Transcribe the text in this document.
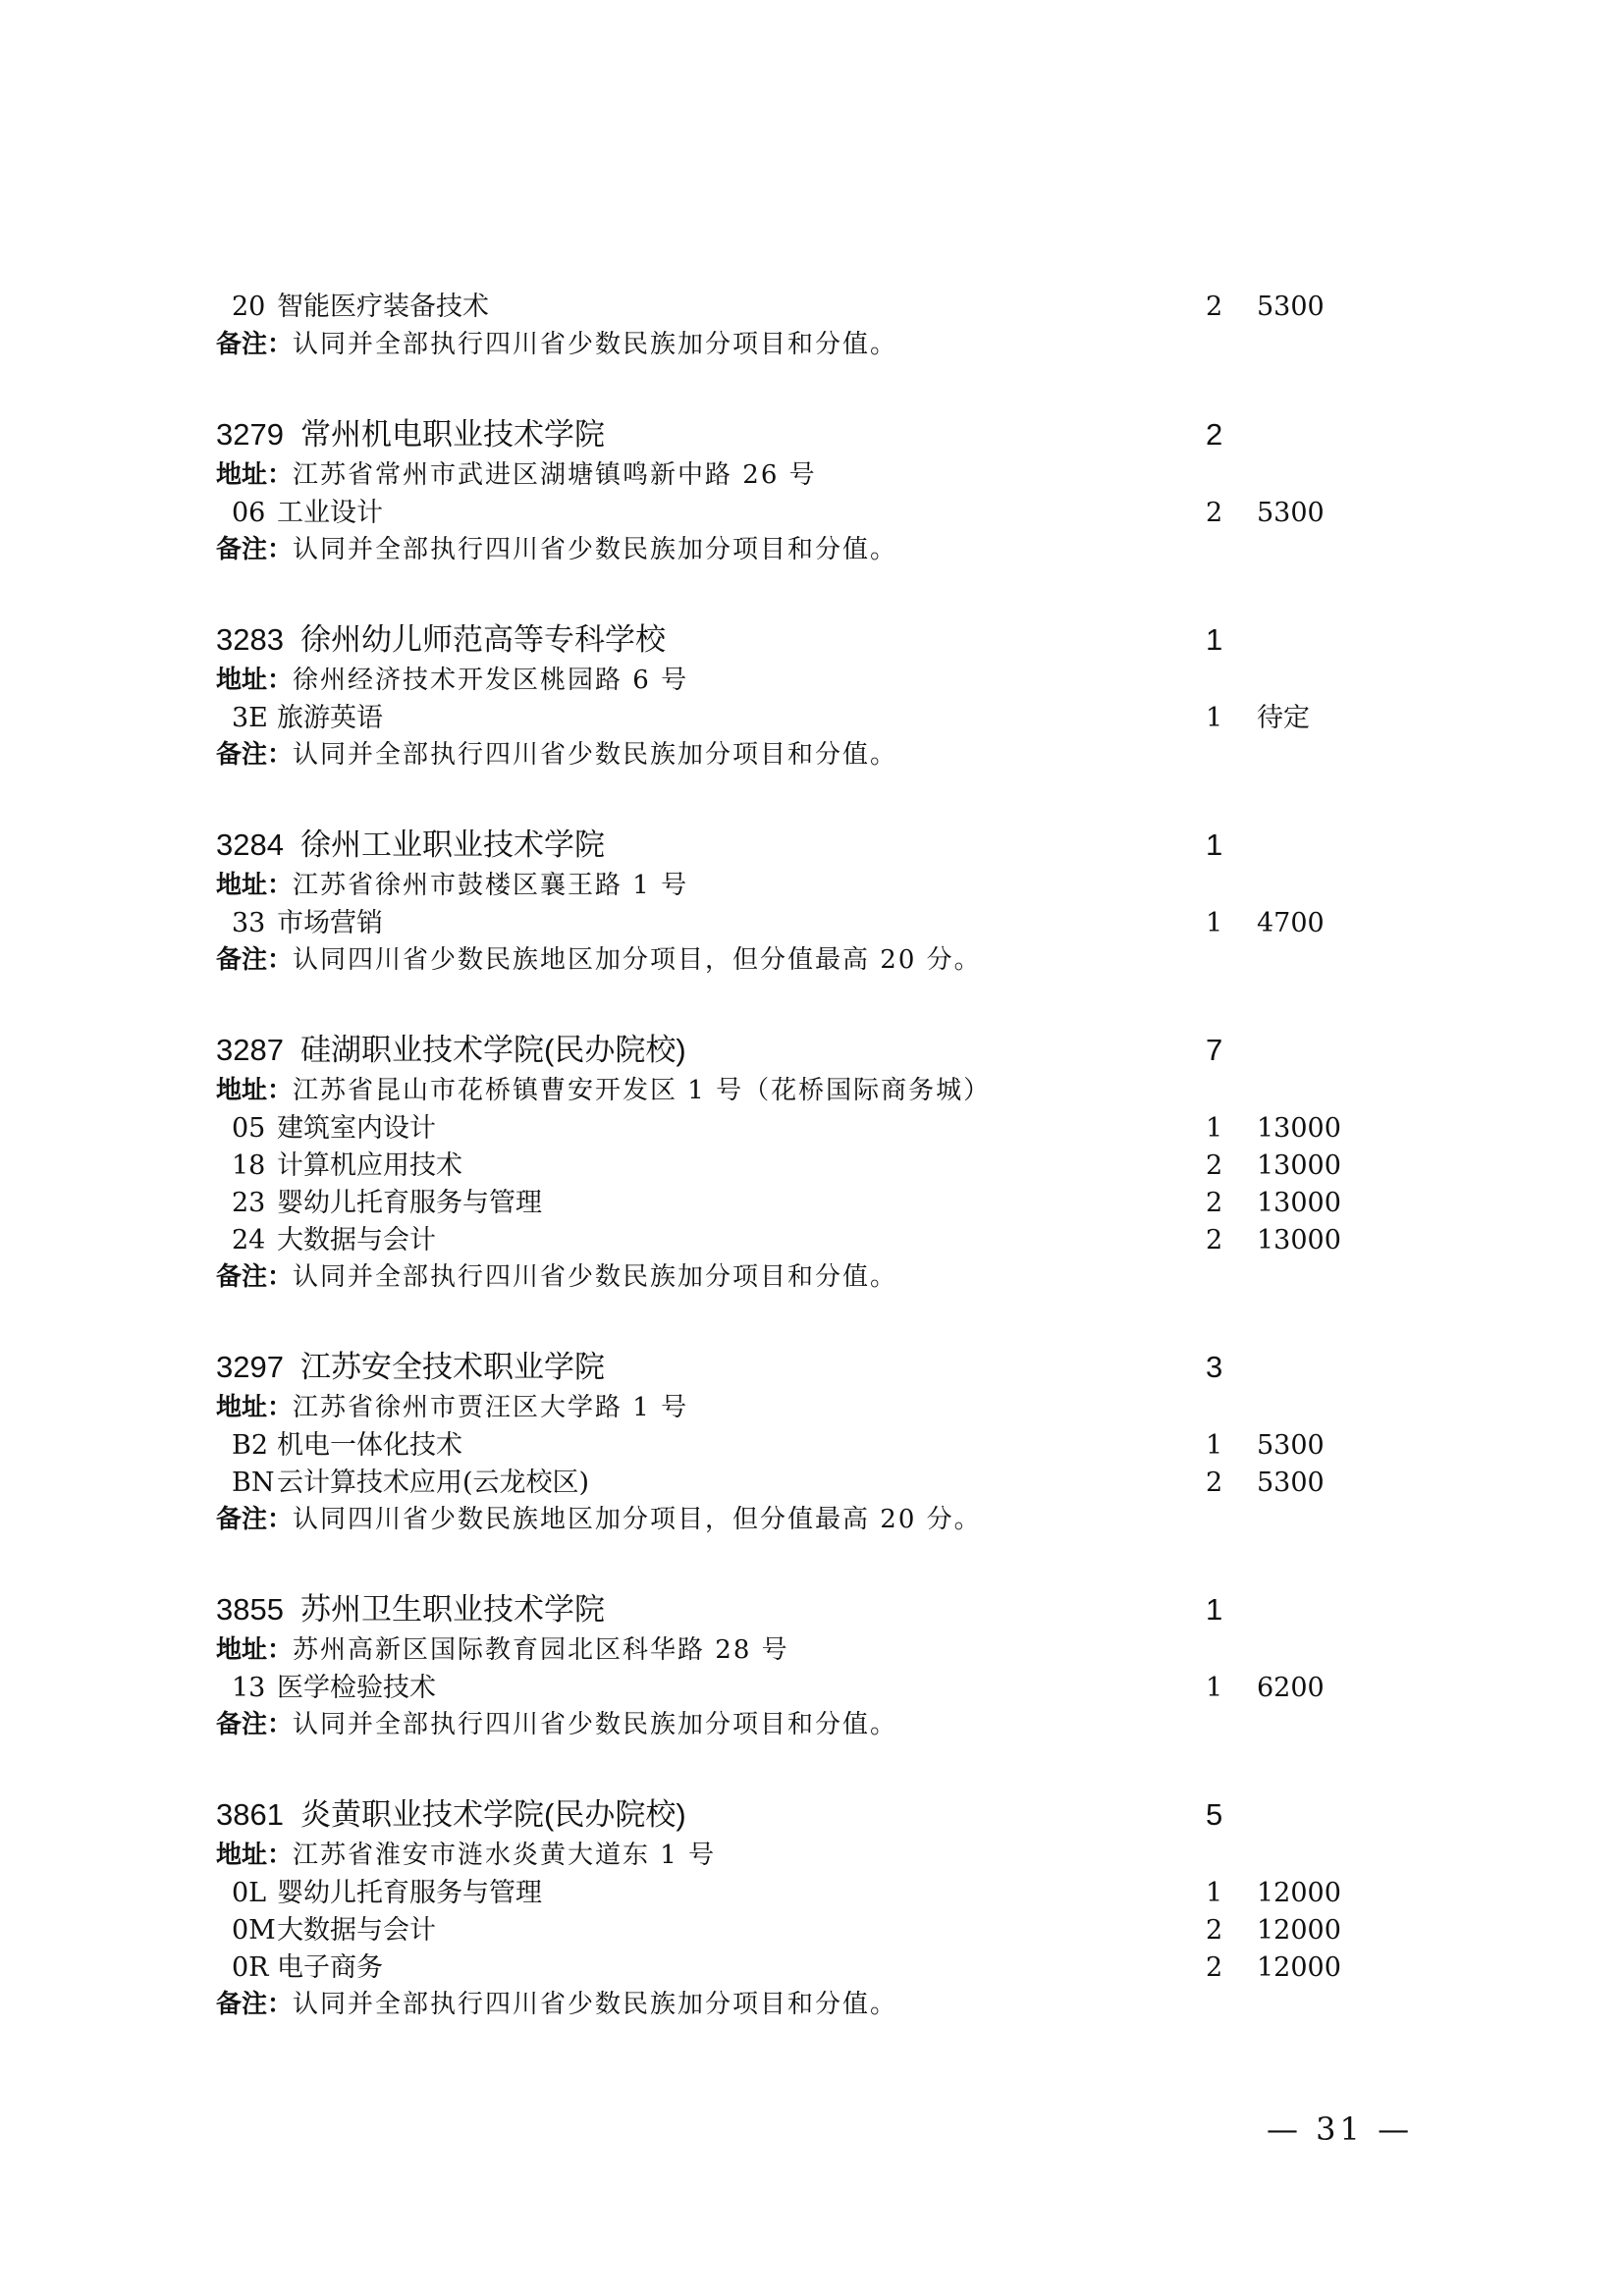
20 智能医疗装备技术	2 5300
备注：认同并全部执行四川省少数民族加分项目和分值。
3279 常州机电职业技术学院	2
地址：江苏省常州市武进区湖塘镇鸣新中路 26 号
06 工业设计	2 5300
备注：认同并全部执行四川省少数民族加分项目和分值。
3283 徐州幼儿师范高等专科学校	1
地址：徐州经济技术开发区桃园路 6 号
3E 旅游英语	1 待定
备注：认同并全部执行四川省少数民族加分项目和分值。
3284 徐州工业职业技术学院	1
地址：江苏省徐州市鼓楼区襄王路 1 号
33 市场营销	1 4700
备注：认同四川省少数民族地区加分项目，但分值最高 20 分。
3287 硅湖职业技术学院(民办院校)	7
地址：江苏省昆山市花桥镇曹安开发区 1 号（花桥国际商务城）
05 建筑室内设计	1 13000
18 计算机应用技术	2 13000
23 婴幼儿托育服务与管理	2 13000
24 大数据与会计	2 13000
备注：认同并全部执行四川省少数民族加分项目和分值。
3297 江苏安全技术职业学院	3
地址：江苏省徐州市贾汪区大学路 1 号
B2 机电一体化技术	1 5300
BN 云计算技术应用(云龙校区)	2 5300
备注：认同四川省少数民族地区加分项目，但分值最高 20 分。
3855 苏州卫生职业技术学院	1
地址：苏州高新区国际教育园北区科华路 28 号
13 医学检验技术	1 6200
备注：认同并全部执行四川省少数民族加分项目和分值。
3861 炎黄职业技术学院(民办院校)	5
地址：江苏省淮安市涟水炎黄大道东 1 号
0L 婴幼儿托育服务与管理	1 12000
0M 大数据与会计	2 12000
0R 电子商务	2 12000
备注：认同并全部执行四川省少数民族加分项目和分值。
— 31 —
